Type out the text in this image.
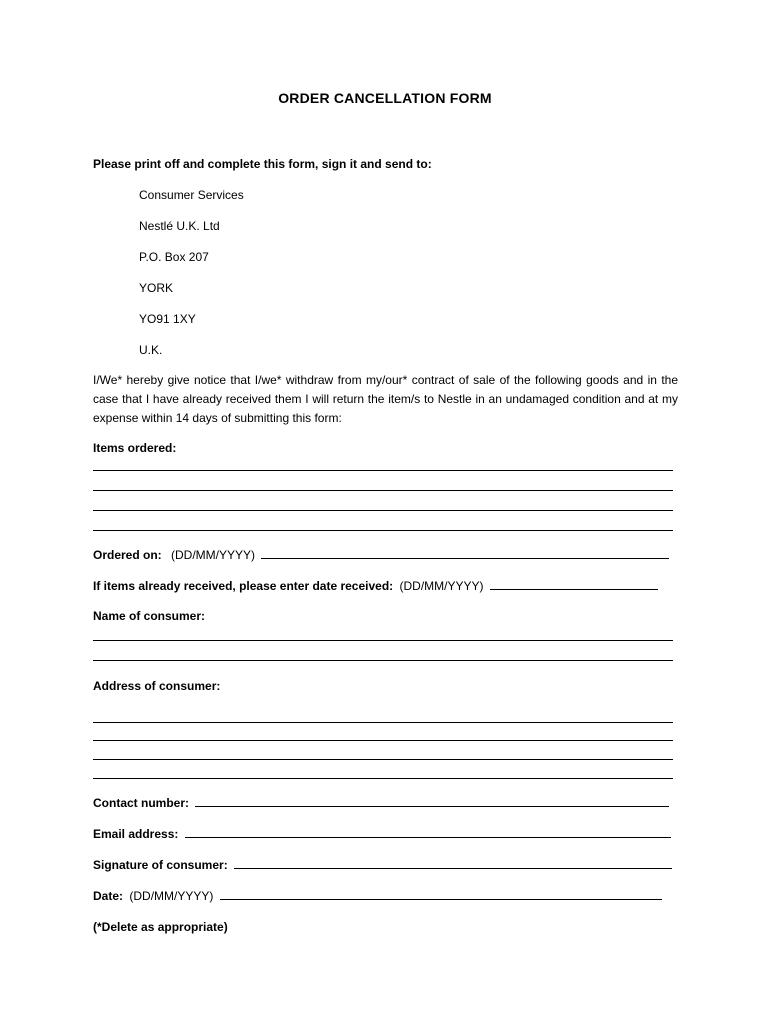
ORDER CANCELLATION FORM
Please print off and complete this form, sign it and send to:
Consumer Services
Nestlé U.K. Ltd
P.O. Box 207
YORK
YO91 1XY
U.K.
I/We* hereby give notice that I/we* withdraw from my/our* contract of sale of the following goods and in the case that I have already received them I will return the item/s to Nestle in an undamaged condition and at my expense within 14 days of submitting this form:
Items ordered:
Ordered on: (DD/MM/YYYY)
If items already received, please enter date received: (DD/MM/YYYY)
Name of consumer:
Address of consumer:
Contact number:
Email address:
Signature of consumer:
Date: (DD/MM/YYYY)
(*Delete as appropriate)
